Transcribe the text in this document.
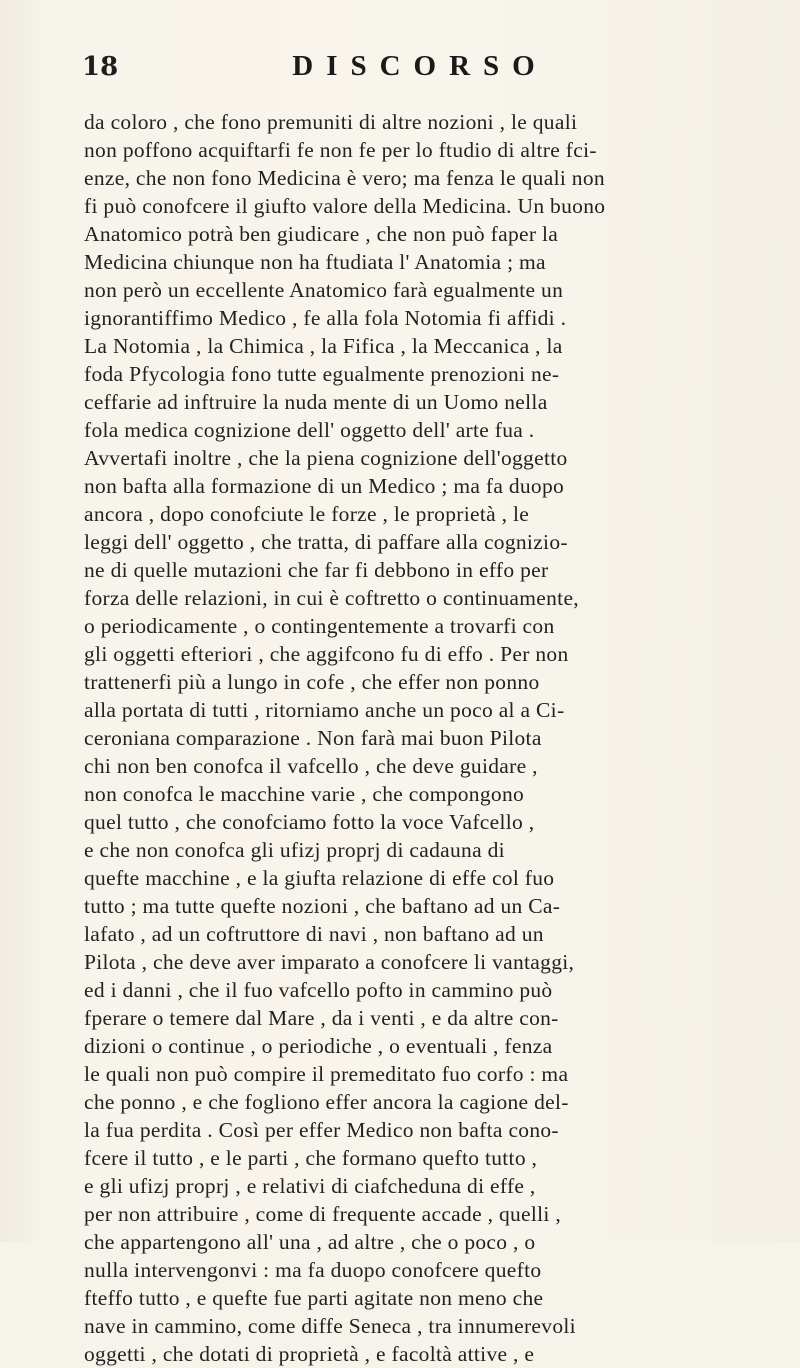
18	DISCORSO

da coloro , che fono premuniti di altre nozioni , le quali
non poffono acquiftarfi fe non fe per lo ftudio di altre fci-
enze, che non fono Medicina è vero; ma fenza le quali non
fi può conofcere il giufto valore della Medicina. Un buono
Anatomico potrà ben giudicare , che non può faper la
Medicina chiunque non ha ftudiata l' Anatomia ; ma
non però un eccellente Anatomico farà egualmente un
ignorantiffimo Medico , fe alla fola Notomia fi affidi .
La Notomia , la Chimica , la Fifica , la Meccanica , la
foda Pfycologia fono tutte egualmente prenozioni ne-
ceffarie ad inftruire la nuda mente di un Uomo nella
fola medica cognizione dell' oggetto dell' arte fua .
Avvertafi inoltre , che la piena cognizione dell'oggetto
non bafta alla formazione di un Medico ; ma fa duopo
ancora , dopo conofciute le forze , le proprietà , le
leggi dell' oggetto , che tratta, di paffare alla cognizio-
ne di quelle mutazioni che far fi debbono in effo per
forza delle relazioni, in cui è coftretto o continuamente,
o periodicamente , o contingentemente a trovarfi con
gli oggetti efteriori , che aggifcono fu di effo . Per non
trattenerfi più a lungo in cofe , che effer non ponno
alla portata di tutti , ritorniamo anche un poco al a Ci-
ceroniana comparazione . Non farà mai buon Pilota
chi non ben conofca il vafcello , che deve guidare ,
non conofca le macchine varie , che compongono
quel tutto , che conofciamo fotto la voce Vafcello ,
e che non conofca gli ufizj proprj di cadauna di
quefte macchine , e la giufta relazione di effe col fuo
tutto ; ma tutte quefte nozioni , che baftano ad un Ca-
lafato , ad un coftruttore di navi , non baftano ad un
Pilota , che deve aver imparato a conofcere li vantaggi,
ed i danni , che il fuo vafcello pofto in cammino può
fperare o temere dal Mare , da i venti , e da altre con-
dizioni o continue , o periodiche , o eventuali , fenza
le quali non può compire il premeditato fuo corfo : ma
che ponno , e che fogliono effer ancora la cagione del-
la fua perdita . Così per effer Medico non bafta cono-
fcere il tutto , e le parti , che formano quefto tutto ,
e gli ufizj proprj , e relativi di ciafcheduna di effe ,
per non attribuire , come di frequente accade , quelli ,
che appartengono all' una , ad altre , che o poco , o
nulla intervengonvi : ma fa duopo conofcere quefto
fteffo tutto , e quefte fue parti agitate non meno che
nave in cammino, come diffe Seneca , tra innumerevoli
oggetti , che dotati di proprietà , e facoltà attive , e
